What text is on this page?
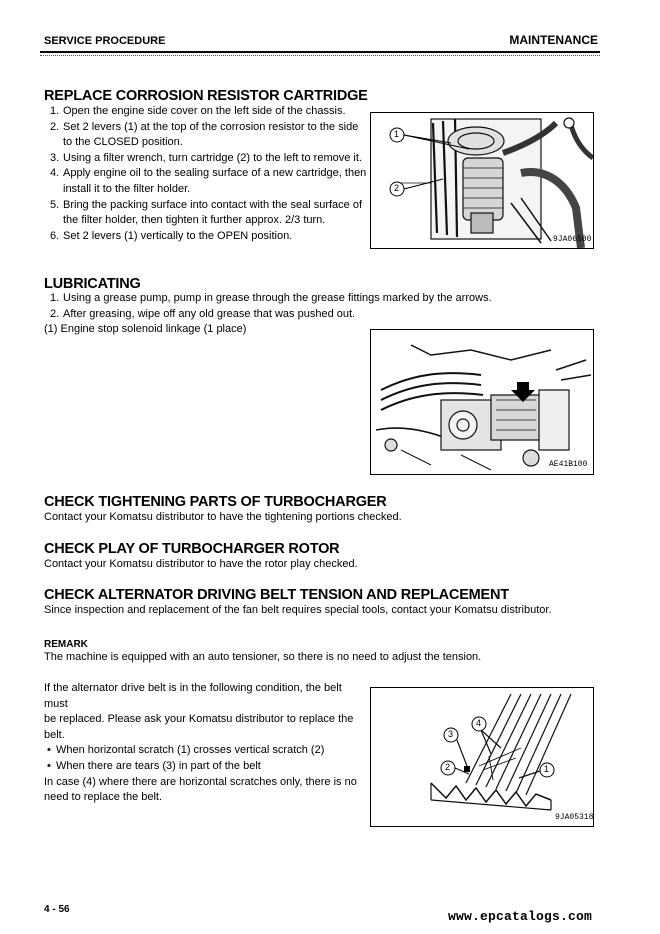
SERVICE PROCEDURE	MAINTENANCE
REPLACE CORROSION RESISTOR CARTRIDGE
1. Open the engine side cover on the left side of the chassis.
2. Set 2 levers (1) at the top of the corrosion resistor to the side
to the CLOSED position.
3. Using a filter wrench, turn cartridge (2) to the left to remove it.
4. Apply engine oil to the sealing surface of a new cartridge, then
install it to the filter holder.
5. Bring the packing surface into contact with the seal surface of
the filter holder, then tighten it further approx. 2/3 turn.
6. Set 2 levers (1) vertically to the OPEN position.
1
2
9JA06500
LUBRICATING
1. Using a grease pump, pump in grease through the grease fittings marked by the arrows.
2. After greasing, wipe off any old grease that was pushed out.
(1) Engine stop solenoid linkage (1 place)
AE41B100
CHECK TIGHTENING PARTS OF TURBOCHARGER
Contact your Komatsu distributor to have the tightening portions checked.
CHECK PLAY OF TURBOCHARGER ROTOR
Contact your Komatsu distributor to have the rotor play checked.
CHECK ALTERNATOR DRIVING BELT TENSION AND REPLACEMENT
Since inspection and replacement of the fan belt requires special tools, contact your Komatsu distributor.
REMARK
The machine is equipped with an auto tensioner, so there is no need to adjust the tension.
If the alternator drive belt is in the following condition, the belt must
be replaced. Please ask your Komatsu distributor to replace the
belt.
• When horizontal scratch (1) crosses vertical scratch (2)
• When there are tears (3) in part of the belt
In case (4) where there are horizontal scratches only, there is no
need to replace the belt.
3
4
2	1
9JA05318
4 - 56	www.epcatalogs.com
